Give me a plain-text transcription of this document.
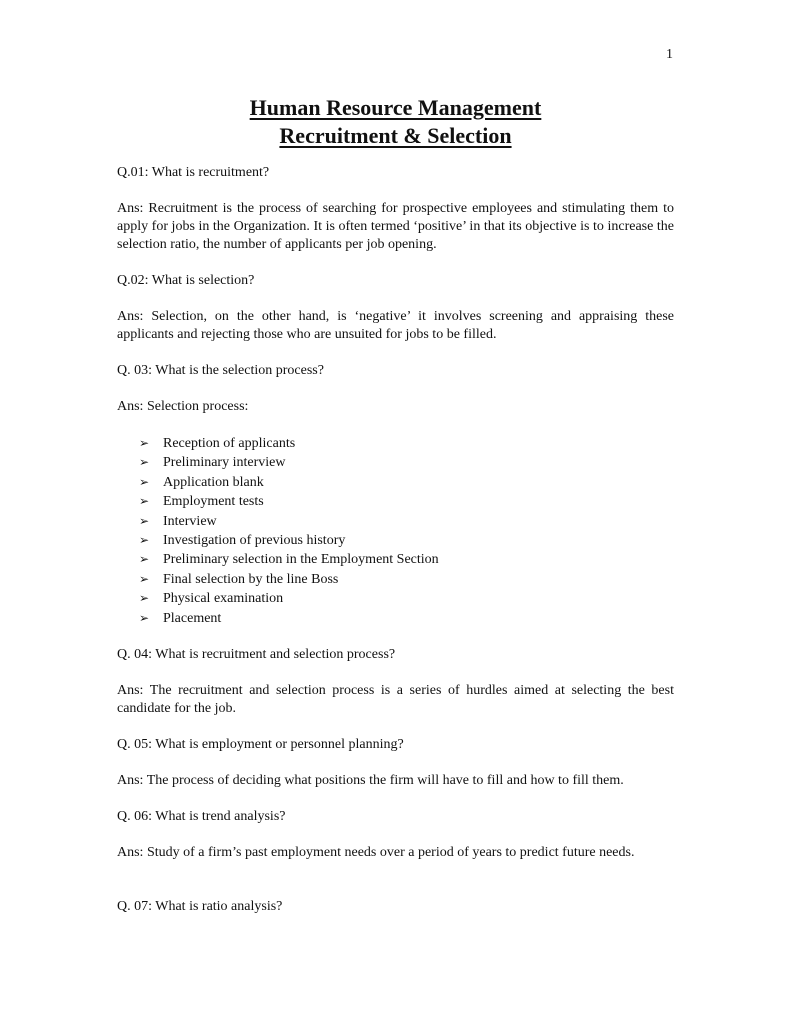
1
Human Resource Management
Recruitment & Selection

Q.01: What is recruitment?

Ans: Recruitment is the process of searching for prospective employees and stimulating them to apply for jobs in the Organization. It is often termed ‘positive’ in that its objective is to increase the selection ratio, the number of applicants per job opening.

Q.02: What is selection?

Ans: Selection, on the other hand, is ‘negative’ it involves screening and appraising these applicants and rejecting those who are unsuited for jobs to be filled.

Q. 03: What is the selection process?

Ans: Selection process:

➢ Reception of applicants
➢ Preliminary interview
➢ Application blank
➢ Employment tests
➢ Interview
➢ Investigation of previous history
➢ Preliminary selection in the Employment Section
➢ Final selection by the line Boss
➢ Physical examination
➢ Placement

Q. 04: What is recruitment and selection process?

Ans: The recruitment and selection process is a series of hurdles aimed at selecting the best candidate for the job.

Q. 05: What is employment or personnel planning?

Ans: The process of deciding what positions the firm will have to fill and how to fill them.

Q. 06: What is trend analysis?

Ans: Study of a firm’s past employment needs over a period of years to predict future needs.

Q. 07: What is ratio analysis?
